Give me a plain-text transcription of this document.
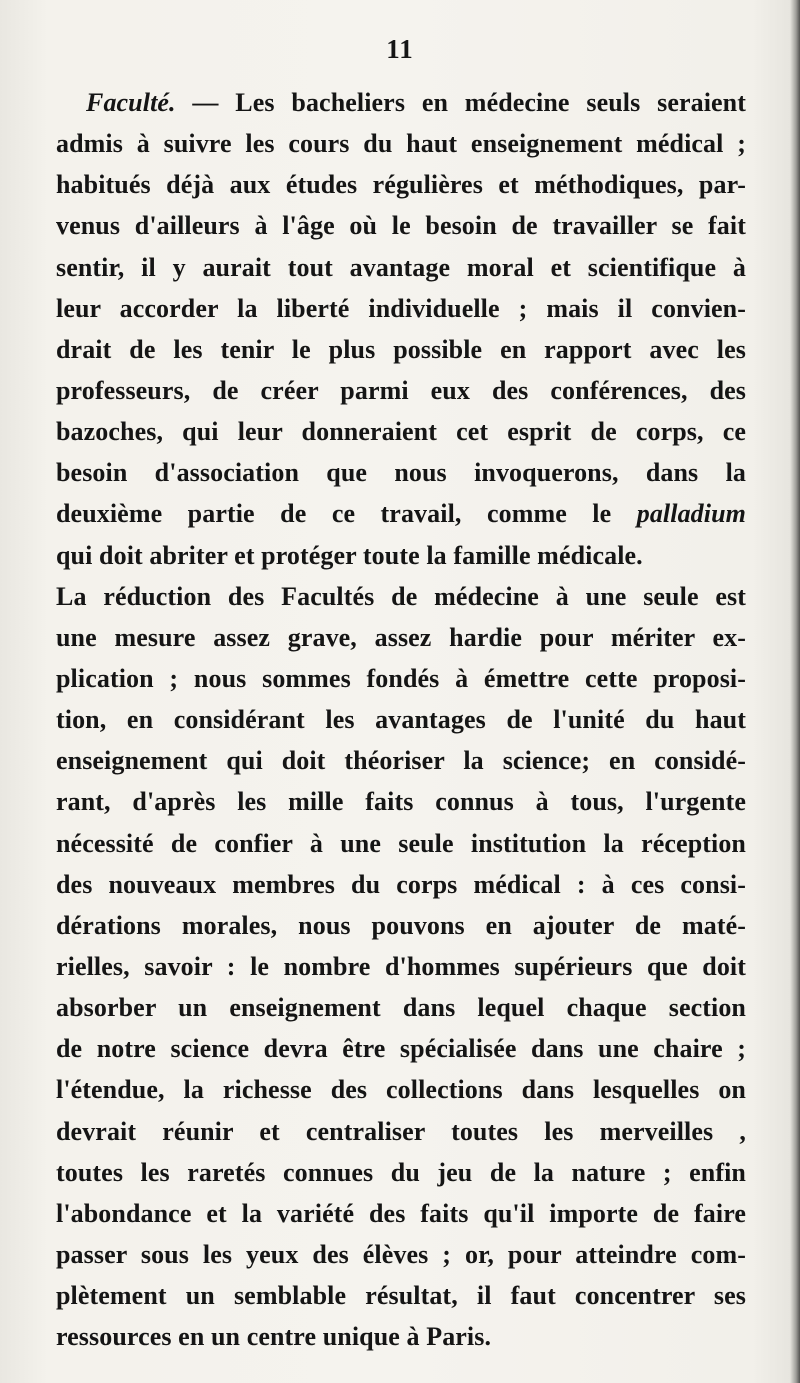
11
Faculté. — Les bacheliers en médecine seuls seraient
admis à suivre les cours du haut enseignement médical ;
habitués déjà aux études régulières et méthodiques, par-
venus d'ailleurs à l'âge où le besoin de travailler se fait
sentir, il y aurait tout avantage moral et scientifique à
leur accorder la liberté individuelle ; mais il convien-
drait de les tenir le plus possible en rapport avec les
professeurs, de créer parmi eux des conférences, des
bazoches, qui leur donneraient cet esprit de corps, ce
besoin d'association que nous invoquerons, dans la
deuxième partie de ce travail, comme le palladium
qui doit abriter et protéger toute la famille médicale.
La réduction des Facultés de médecine à une seule est
une mesure assez grave, assez hardie pour mériter ex-
plication ; nous sommes fondés à émettre cette proposi-
tion, en considérant les avantages de l'unité du haut
enseignement qui doit théoriser la science; en considé-
rant, d'après les mille faits connus à tous, l'urgente
nécessité de confier à une seule institution la réception
des nouveaux membres du corps médical : à ces consi-
dérations morales, nous pouvons en ajouter de maté-
rielles, savoir : le nombre d'hommes supérieurs que doit
absorber un enseignement dans lequel chaque section
de notre science devra être spécialisée dans une chaire ;
l'étendue, la richesse des collections dans lesquelles on
devrait réunir et centraliser toutes les merveilles ,
toutes les raretés connues du jeu de la nature ; enfin
l'abondance et la variété des faits qu'il importe de faire
passer sous les yeux des élèves ; or, pour atteindre com-
plètement un semblable résultat, il faut concentrer ses
ressources en un centre unique à Paris.
